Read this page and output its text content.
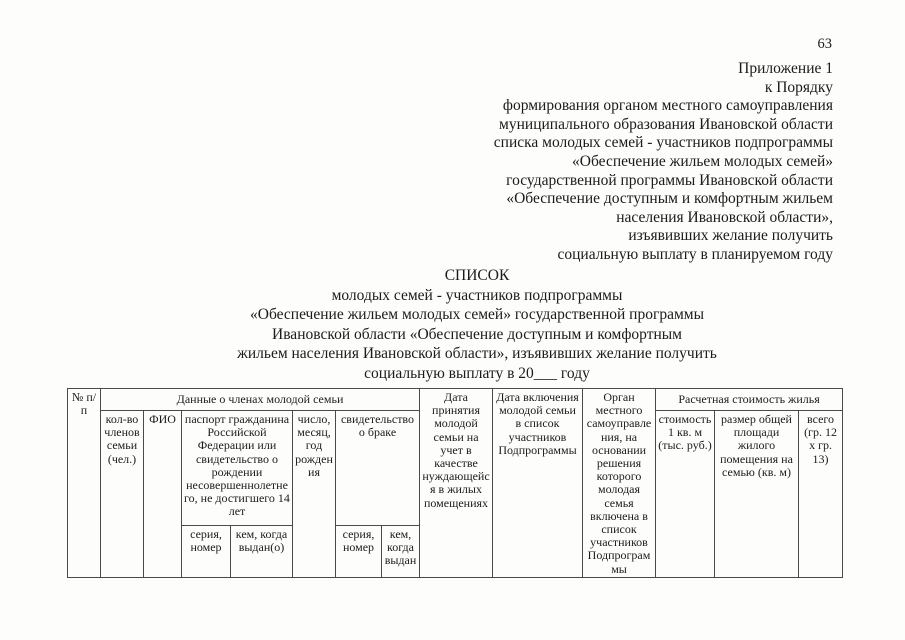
63
Приложение 1
к Порядку
формирования органом местного самоуправления
муниципального образования Ивановской области
списка молодых семей - участников подпрограммы
«Обеспечение жильем молодых семей»
государственной программы Ивановской области
«Обеспечение доступным и комфортным жильем
населения Ивановской области»,
изъявивших желание получить
социальную выплату в планируемом году
СПИСОК
молодых семей - участников подпрограммы
«Обеспечение жильем молодых семей» государственной программы
Ивановской области «Обеспечение доступным и комфортным
жильем населения Ивановской области», изъявивших желание получить
социальную выплату в 20___ году
№ п/п	Данные о членах молодой семьи							Дата принятия молодой семьи на учет в качестве нуждающейся в жилых помещениях	Дата включения молодой семьи в список участников Подпрограммы	Орган местного самоуправления, на основании решения которого молодая семья включена в список участников Подпрограммы	Расчетная стоимость жилья		
	кол-во членов семьи (чел.)	ФИО	паспорт гражданина Российской Федерации или свидетельство о рождении несовершеннолетнего, не достигшего 14 лет		число, месяц, год рождения	свидетельство о браке					стоимость 1 кв. м (тыс. руб.)	размер общей площади жилого помещения на семью (кв. м)	всего (гр. 12 х гр. 13)
			серия, номер	кем, когда выдан(о)		серия, номер	кем, когда выдан						
